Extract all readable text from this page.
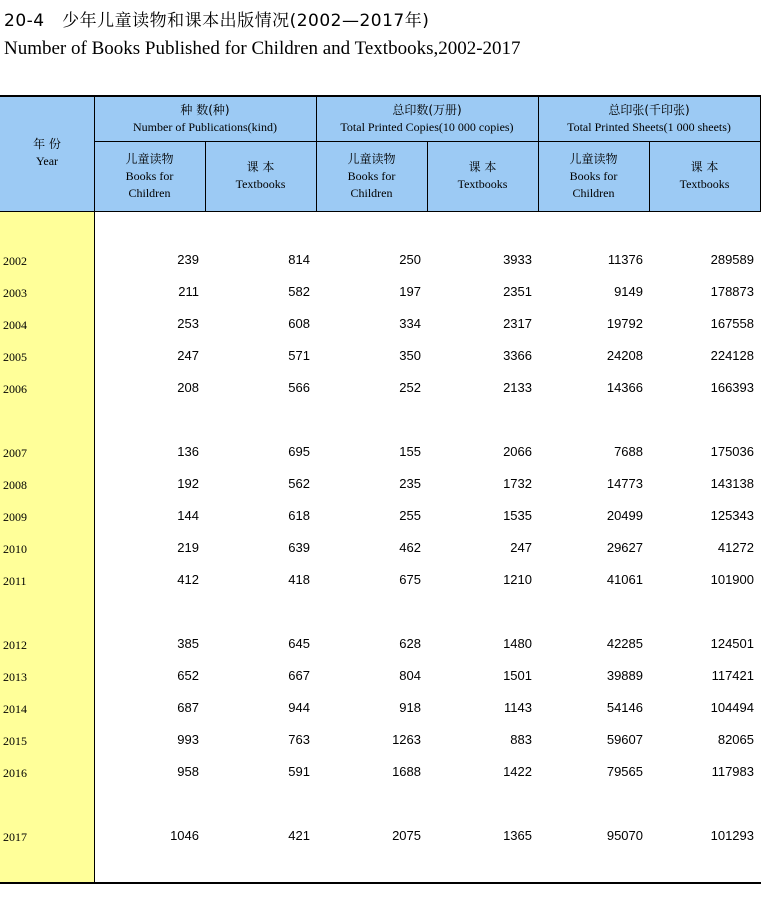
20-4　少年儿童读物和课本出版情况(2002—2017年)
Number of Books Published for Children and Textbooks,2002-2017
年 份
Year
种 数(种)
Number of Publications(kind)
总印数(万册)
Total Printed Copies(10 000 copies)
总印张(千印张)
Total Printed Sheets(1 000 sheets)
儿童读物
Books for
Children
课 本
Textbooks
儿童读物
Books for
Children
课 本
Textbooks
儿童读物
Books for
Children
课 本
Textbooks
2002	239	814	250	3933	11376	289589
2003	211	582	197	2351	9149	178873
2004	253	608	334	2317	19792	167558
2005	247	571	350	3366	24208	224128
2006	208	566	252	2133	14366	166393
2007	136	695	155	2066	7688	175036
2008	192	562	235	1732	14773	143138
2009	144	618	255	1535	20499	125343
2010	219	639	462	247	29627	41272
2011	412	418	675	1210	41061	101900
2012	385	645	628	1480	42285	124501
2013	652	667	804	1501	39889	117421
2014	687	944	918	1143	54146	104494
2015	993	763	1263	883	59607	82065
2016	958	591	1688	1422	79565	117983
2017	1046	421	2075	1365	95070	101293
